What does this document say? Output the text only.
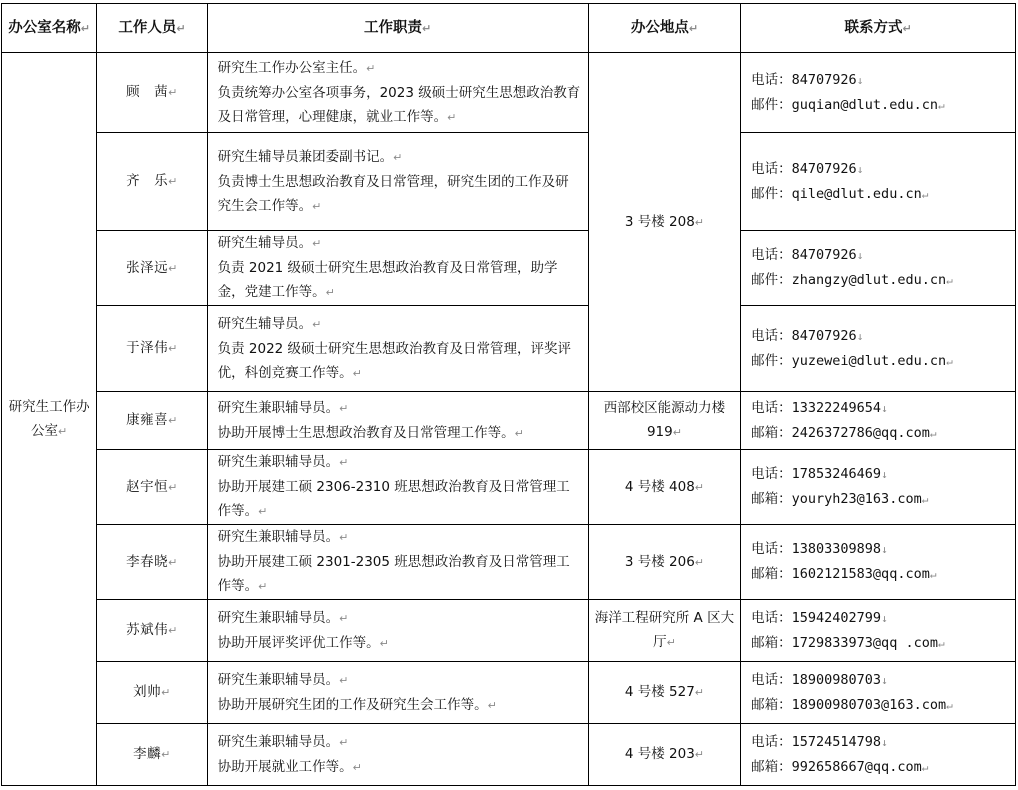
办公室名称↵	工作人员↵	工作职责↵	办公地点↵	联系方式↵
研究生工作办公室↵	顾　茜↵	研究生工作办公室主任。↵
负责统筹办公室各项事务，2023 级硕士研究生思想政治教育及日常管理，心理健康，就业工作等。↵	3 号楼 208↵	电话：84707926↓
邮件：guqian@dlut.edu.cn↵

	齐　乐↵	研究生辅导员兼团委副书记。↵
负责博士生思想政治教育及日常管理，研究生团的工作及研究生会工作等。↵		电话：84707926↓
邮件：qile@dlut.edu.cn↵

	张泽远↵	研究生辅导员。↵
负责 2021 级硕士研究生思想政治教育及日常管理，助学金，党建工作等。↵		电话：84707926↓
邮件：zhangzy@dlut.edu.cn↵

	于泽伟↵	研究生辅导员。↵
负责 2022 级硕士研究生思想政治教育及日常管理，评奖评优，科创竞赛工作等。↵		电话：84707926↓
邮件：yuzewei@dlut.edu.cn↵

	康雍喜↵	研究生兼职辅导员。↵
协助开展博士生思想政治教育及日常管理工作等。↵	西部校区能源动力楼 919↵	电话：13322249654↓
邮箱：2426372786@qq.com↵

	赵宇恒↵	研究生兼职辅导员。↵
协助开展建工硕 2306-2310 班思想政治教育及日常管理工作等。↵	4 号楼 408↵	电话：17853246469↓
邮箱：youryh23@163.com↵

	李春晓↵	研究生兼职辅导员。↵
协助开展建工硕 2301-2305 班思想政治教育及日常管理工作等。↵	3 号楼 206↵	电话：13803309898↓
邮箱：1602121583@qq.com↵

	苏斌伟↵	研究生兼职辅导员。↵
协助开展评奖评优工作等。↵	海洋工程研究所 A 区大厅↵	电话：15942402799↓
邮箱：1729833973@qq .com↵

	刘帅↵	研究生兼职辅导员。↵
协助开展研究生团的工作及研究生会工作等。↵	4 号楼 527↵	电话：18900980703↓
邮箱：18900980703@163.com↵

	李麟↵	研究生兼职辅导员。↵
协助开展就业工作等。↵	4 号楼 203↵	电话：15724514798↓
邮箱：992658667@qq.com↵
